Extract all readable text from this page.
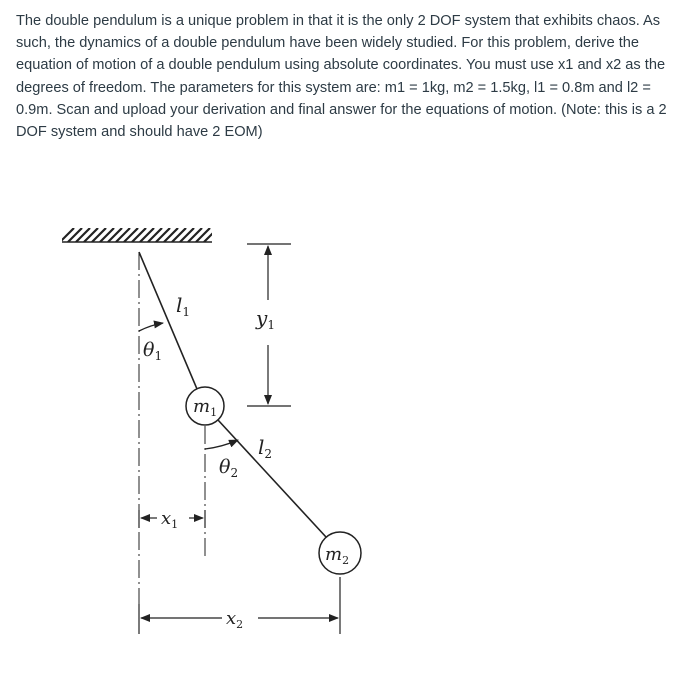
The double pendulum is a unique problem in that it is the only 2 DOF system that exhibits chaos. As such, the dynamics of a double pendulum have been widely studied. For this problem, derive the equation of motion of a double pendulum using absolute coordinates. You must use x1 and x2 as the degrees of freedom. The parameters for this system are: m1 = 1kg, m2 = 1.5kg, l1 = 0.8m and l2 = 0.9m. Scan and upload your derivation and final answer for the equations of motion. (Note: this is a 2 DOF system and should have 2 EOM)

$l_1$	$y_1$
$\theta_1$
$m_1$
$l_2$
$\theta_2$
$x_1$
$m_2$
$x_2$
